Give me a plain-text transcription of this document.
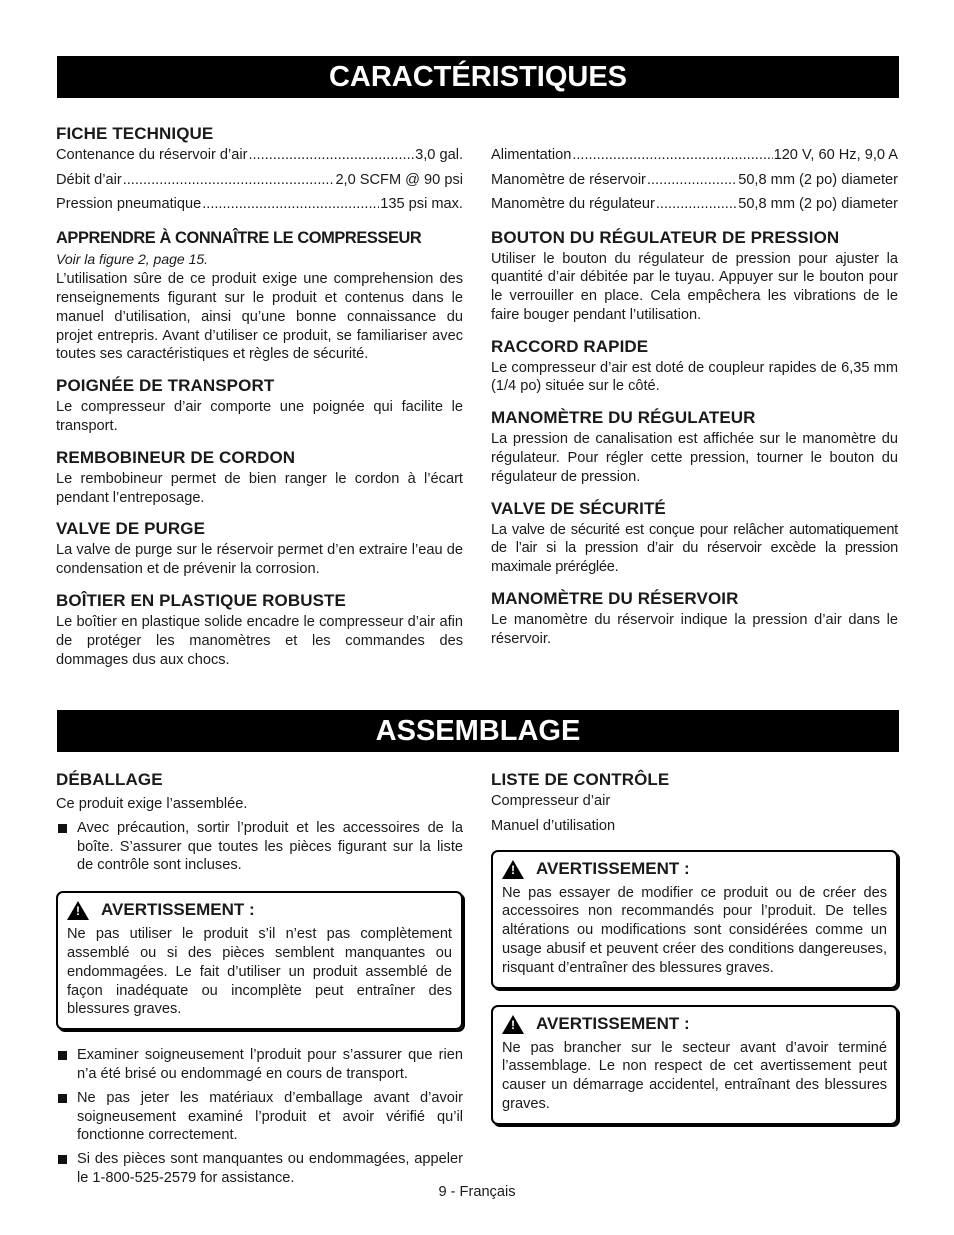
CARACTÉRISTIQUES
FICHE TECHNIQUE
Contenance du réservoir d’air .....	3,0 gal.
Débit d’air .....	2,0 SCFM @ 90 psi
Pression pneumatique .....	135 psi max.
APPRENDRE À CONNAÎTRE LE COMPRESSEUR
Voir la figure 2, page 15.

L’utilisation sûre de ce produit exige une comprehension des renseignements figurant sur le produit et contenus dans le manuel d’utilisation, ainsi qu’une bonne connaissance du projet entrepris. Avant d’utiliser ce produit, se familiariser avec toutes ses caractéristiques et règles de sécurité.

POIGNÉE DE TRANSPORT

Le compresseur d’air comporte une poignée qui facilite le transport.

REMBOBINEUR DE CORDON

Le rembobineur permet de bien ranger le cordon à l’écart pendant l’entreposage.

VALVE DE PURGE

La valve de purge sur le réservoir permet d’en extraire l’eau de condensation et de prévenir la corrosion.

BOÎTIER EN PLASTIQUE ROBUSTE

Le boîtier en plastique solide encadre le compresseur d’air afin de protéger les manomètres et les commandes des dommages dus aux chocs.

Alimentation .....	120 V, 60 Hz, 9,0 A
Manomètre de réservoir .....	50,8 mm (2 po) diameter
Manomètre du régulateur .....	50,8 mm (2 po) diameter
BOUTON DU RÉGULATEUR DE PRESSION

Utiliser le bouton du régulateur de pression pour ajuster la quantité d’air débitée par le tuyau. Appuyer sur le bouton pour le verrouiller en place. Cela empêchera les vibrations de le faire bouger pendant l’utilisation.

RACCORD RAPIDE

Le compresseur d’air est doté de coupleur rapides de 6,35 mm (1/4 po) située sur le côté.

MANOMÈTRE DU RÉGULATEUR

La pression de canalisation est affichée sur le manomètre du régulateur. Pour régler cette pression, tourner le bouton du régulateur de pression.

VALVE DE SÉCURITÉ

La valve de sécurité est conçue pour relâcher automatiquement de l’air si la pression d’air du réservoir excède la pression maximale préréglée.

MANOMÈTRE DU RÉSERVOIR

Le manomètre du réservoir indique la pression d’air dans le réservoir.

ASSEMBLAGE
DÉBALLAGE

Ce produit exige l’assemblée.

Avec précaution, sortir l’produit et les accessoires de la boîte. S’assurer que toutes les pièces figurant sur la liste de contrôle sont incluses.
! AVERTISSEMENT :

Ne pas utiliser le produit s’il n’est pas complètement assemblé ou si des pièces semblent manquantes ou endommagées. Le fait d’utiliser un produit assemblé de façon inadéquate ou incomplète peut entraîner des blessures graves.

Examiner soigneusement l’produit pour s’assurer que rien n’a été brisé ou endommagé en cours de transport.
Ne pas jeter les matériaux d’emballage avant d’avoir soigneusement examiné l’produit et avoir vérifié qu’il fonctionne correctement.
Si des pièces sont manquantes ou endommagées, appeler le 1-800-525-2579 for assistance.
LISTE DE CONTRÔLE
Compresseur d’air
Manuel d’utilisation
! AVERTISSEMENT :

Ne pas essayer de modifier ce produit ou de créer des accessoires non recommandés pour l’produit. De telles altérations ou modifications sont considérées comme un usage abusif et peuvent créer des conditions dangereuses, risquant d’entraîner des blessures graves.

! AVERTISSEMENT :

Ne pas brancher sur le secteur avant d’avoir terminé l’assemblage. Le non respect de cet avertissement peut causer un démarrage accidentel, entraînant des blessures graves.

9 - Français
